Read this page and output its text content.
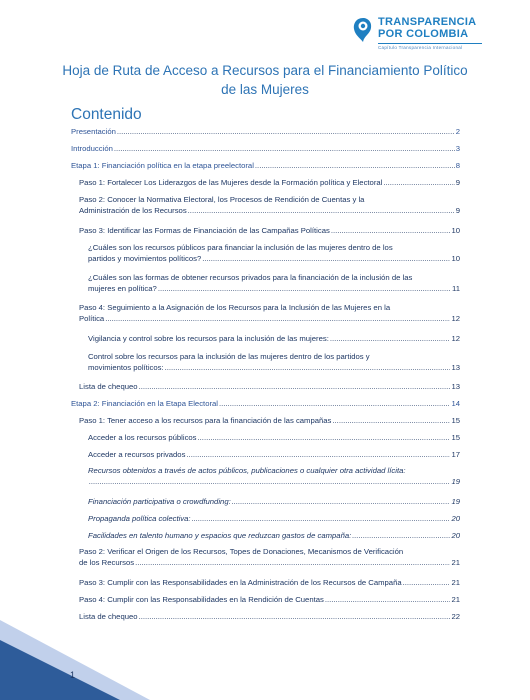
TRANSPARENCIA
POR COLOMBIA
Capítulo Transparencia Internacional
Hoja de Ruta de Acceso a Recursos para el Financiamiento Político de las Mujeres
Contenido
Presentación .....	2
Introducción .....	3
Etapa 1: Financiación política en la etapa preelectoral .....	8
Paso 1: Fortalecer Los Liderazgos de las Mujeres desde la Formación política y Electoral .....	9
Paso 2: Conocer la Normativa Electoral, los Procesos de Rendición de Cuentas y la
Administración de los Recursos .....	9
Paso 3: Identificar las Formas de Financiación de las Campañas Políticas .....	10
¿Cuáles son los recursos públicos para financiar la inclusión de las mujeres dentro de los
partidos y movimientos políticos? .....	10
¿Cuáles son las formas de obtener recursos privados para la financiación de la inclusión de las
mujeres en política? .....	11
Paso 4: Seguimiento a la Asignación de los Recursos para la Inclusión de las Mujeres en la
Política .....	12
Vigilancia y control sobre los recursos para la inclusión de las mujeres: .....	12
Control sobre los recursos para la inclusión de las mujeres dentro de los partidos y
movimientos políticos: .....	13
Lista de chequeo .....	13
Etapa 2: Financiación en la Etapa Electoral .....	14
Paso 1: Tener acceso a los recursos para la financiación de las campañas .....	15
Acceder a los recursos públicos .....	15
Acceder a recursos privados .....	17
Recursos obtenidos a través de actos públicos, publicaciones o cualquier otra actividad lícita:
.....
19
Financiación participativa o crowdfunding: .....	19
Propaganda política colectiva: .....	20
Facilidades en talento humano y espacios que reduzcan gastos de campaña: .....	20
Paso 2: Verificar el Origen de los Recursos, Topes de Donaciones, Mecanismos de Verificación
de los Recursos .....	21
Paso 3: Cumplir con las Responsabilidades en la Administración de los Recursos de Campaña .....	21
Paso 4: Cumplir con las Responsabilidades en la Rendición de Cuentas .....	21
Lista de chequeo .....	22
1
